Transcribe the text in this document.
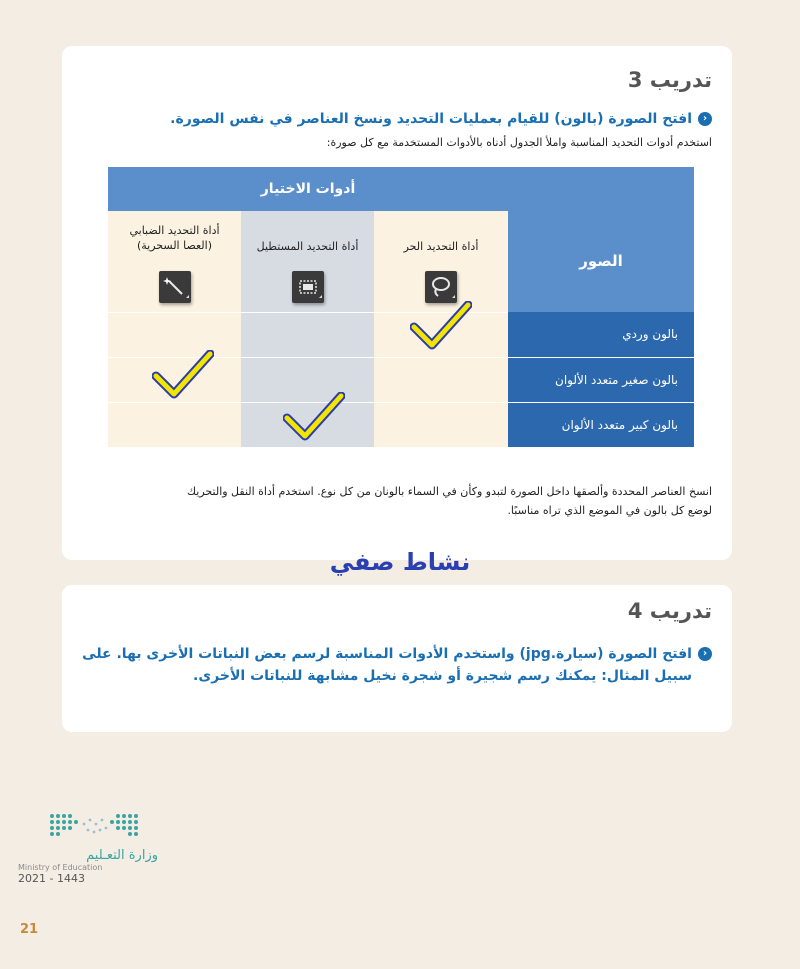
تدريب 3
‹افتح الصورة (بالون) للقيام بعمليات التحديد ونسخ العناصر في نفس الصورة.
استخدم أدوات التحديد المناسبة واملأ الجدول أدناه بالأدوات المستخدمة مع كل صورة:
أدوات الاختيار
الصور
أداة التحديد الحر
أداة التحديد المستطيل
أداة التحديد الضبابي
(العصا السحرية)
بالون وردي
بالون صغير متعدد الألوان
بالون كبير متعدد الألوان
انسخ العناصر المحددة وألصقها داخل الصورة لتبدو وكأن في السماء بالونان من كل نوع. استخدم أداة النقل والتحريك
لوضع كل بالون في الموضع الذي تراه مناسبًا.
نشاط صفي
تدريب 4
‹افتح الصورة (سيارة.jpg) واستخدم الأدوات المناسبة لرسم بعض النباتات الأخرى بها. على
سبيل المثال: يمكنك رسم شجيرة أو شجرة نخيل مشابهة للنباتات الأخرى.
وزارة التعـليم
Ministry of Education
2021 - 1443
21
